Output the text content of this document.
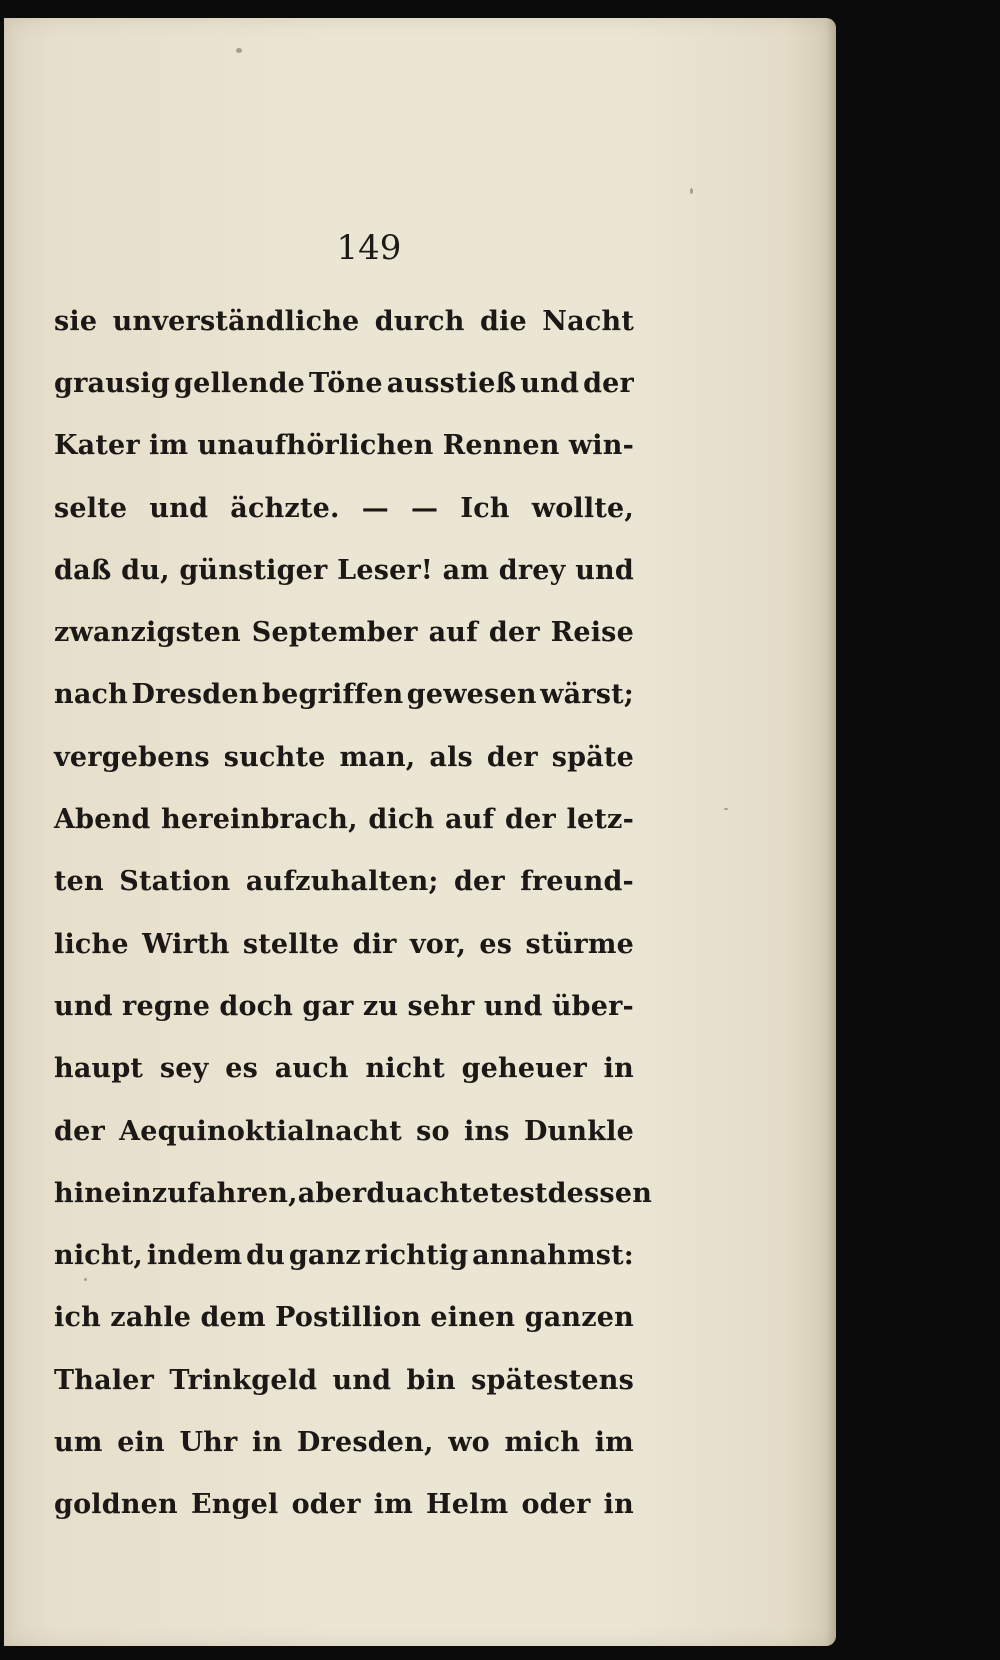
149
sie unverständliche durch die Nacht
grausig gellende Töne ausstieß und der
Kater im unaufhörlichen Rennen win-
selte und ächzte. — — Ich wollte,
daß du, günstiger Leser! am drey und
zwanzigsten September auf der Reise
nach Dresden begriffen gewesen wärst;
vergebens suchte man, als der späte
Abend hereinbrach, dich auf der letz-
ten Station aufzuhalten; der freund-
liche Wirth stellte dir vor, es stürme
und regne doch gar zu sehr und über-
haupt sey es auch nicht geheuer in
der Aequinoktialnacht so ins Dunkle
hineinzufahren, aber du achtetest dessen
nicht, indem du ganz richtig annahmst:
ich zahle dem Postillion einen ganzen
Thaler Trinkgeld und bin spätestens
um ein Uhr in Dresden, wo mich im
goldnen Engel oder im Helm oder in
